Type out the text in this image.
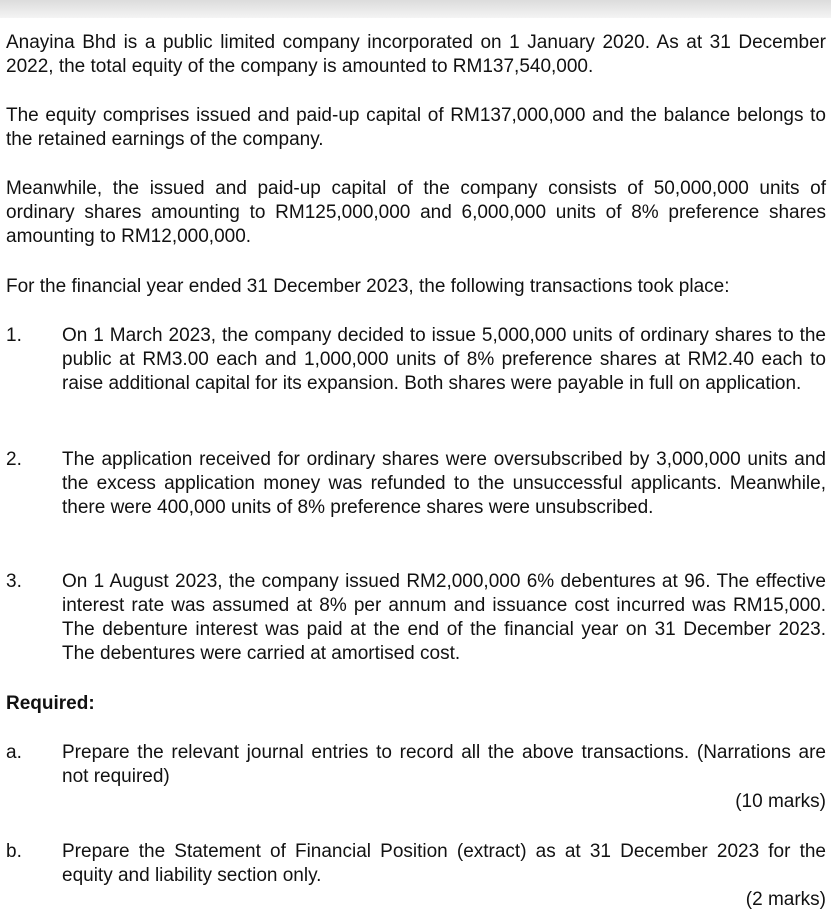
Anayina Bhd is a public limited company incorporated on 1 January 2020. As at 31 December 2022, the total equity of the company is amounted to RM137,540,000.

The equity comprises issued and paid-up capital of RM137,000,000 and the balance belongs to the retained earnings of the company.

Meanwhile, the issued and paid-up capital of the company consists of 50,000,000 units of ordinary shares amounting to RM125,000,000 and 6,000,000 units of 8% preference shares amounting to RM12,000,000.

For the financial year ended 31 December 2023, the following transactions took place:

1.	On 1 March 2023, the company decided to issue 5,000,000 units of ordinary shares to the public at RM3.00 each and 1,000,000 units of 8% preference shares at RM2.40 each to raise additional capital for its expansion. Both shares were payable in full on application.
2.	The application received for ordinary shares were oversubscribed by 3,000,000 units and the excess application money was refunded to the unsuccessful applicants. Meanwhile, there were 400,000 units of 8% preference shares were unsubscribed.
3.	On 1 August 2023, the company issued RM2,000,000 6% debentures at 96. The effective interest rate was assumed at 8% per annum and issuance cost incurred was RM15,000. The debenture interest was paid at the end of the financial year on 31 December 2023. The debentures were carried at amortised cost.
Required:
a.	Prepare the relevant journal entries to record all the above transactions. (Narrations are not required)
(10 marks)
b.	Prepare the Statement of Financial Position (extract) as at 31 December 2023 for the equity and liability section only.
(2 marks)
